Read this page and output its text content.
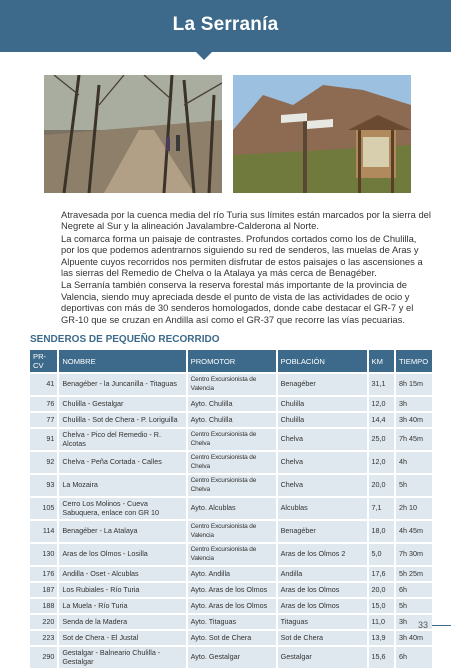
La Serranía

Atravesada por la cuenca media del río Turia sus límites están marcados por la sierra del Negrete al Sur y la alineación Javalambre-Calderona al Norte.

La comarca forma un paisaje de contrastes. Profundos cortados como los de Chulilla, por los que podemos adentrarnos siguiendo su red de senderos, las muelas de Aras y Alpuente cuyos recorridos nos permiten disfrutar de estos paisajes o las ascensiones a las sierras del Remedio de Chelva o la Atalaya ya más cerca de Benagéber.

La Serranía también conserva la reserva forestal más importante de la provincia de Valencia, siendo muy apreciada desde el punto de vista de las actividades de ocio y deportivas con más de 30 senderos homologados, donde cabe destacar el GR-7 y el GR-10 que se cruzan en Andilla así como el GR-37 que recorre las vías pecuarias.

SENDEROS DE PEQUEÑO RECORRIDO
PR-CV	NOMBRE	PROMOTOR	POBLACIÓN	KM	TIEMPO
41	Benagéber - la Juncanilla - Titaguas	Centro Excursionista de Valencia	Benagéber	31,1	8h 15m
76	Chulilla - Gestalgar	Ayto. Chulilla	Chulilla	12,0	3h
77	Chulilla - Sot de Chera - P. Loriguilla	Ayto. Chulilla	Chulilla	14,4	3h 40m
91	Chelva - Pico del Remedio - R. Alcotas	Centro Excursionista de Chelva	Chelva	25,0	7h 45m
92	Chelva - Peña Cortada - Calles	Centro Excursionista de Chelva	Chelva	12,0	4h
93	La Mozaira	Centro Excursionista de Chelva	Chelva	20,0	5h
105	Cerro Los Molinos - Cueva Sabuquera, enlace con GR 10	Ayto. Alcublas	Alcublas	7,1	2h 10
114	Benagéber - La Atalaya	Centro Excursionista de Valencia	Benagéber	18,0	4h 45m
130	Aras de los Olmos - Losilla	Centro Excursionista de Valencia	Aras de los Olmos 2	5,0	7h 30m
176	Andilla - Oset - Alcublas	Ayto. Andilla	Andilla	17,6	5h 25m
187	Los Rubiales - Río Turia	Ayto. Aras de los Olmos	Aras de los Olmos	20,0	6h
188	La Muela - Río Turia	Ayto. Aras de los Olmos	Aras de los Olmos	15,0	5h
220	Senda de la Madera	Ayto. Titaguas	Titaguas	11,0	3h
223	Sot de Chera - El Justal	Ayto. Sot de Chera	Sot de Chera	13,9	3h 40m
290	Gestalgar - Balneario Chulilla - Gestalgar	Ayto. Gestalgar	Gestalgar	15,6	6h
33
